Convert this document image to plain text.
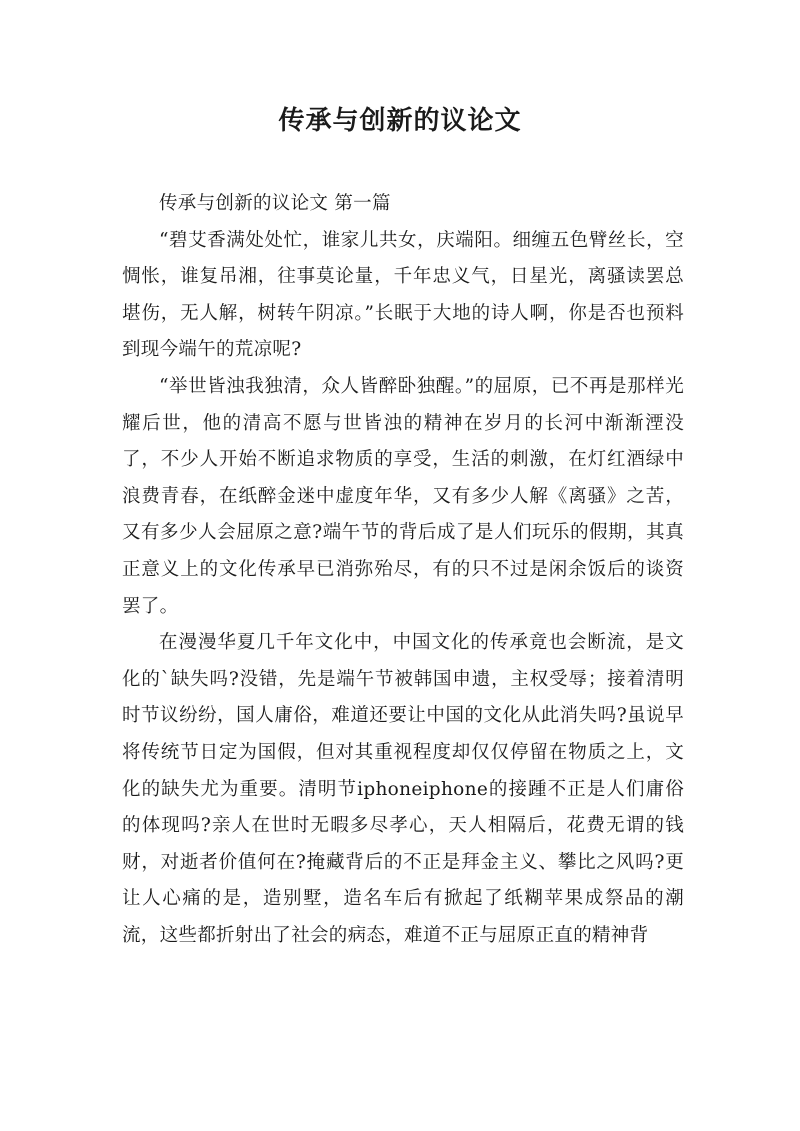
传承与创新的议论文

传承与创新的议论文 第一篇

“碧艾香满处处忙，谁家儿共女，庆端阳。细缠五色臂丝长，空惆怅，谁复吊湘，往事莫论量，千年忠义气，日星光，离骚读罢总堪伤，无人解，树转午阴凉。”长眠于大地的诗人啊，你是否也预料到现今端午的荒凉呢?

“举世皆浊我独清，众人皆醉卧独醒。”的屈原，已不再是那样光耀后世，他的清高不愿与世皆浊的精神在岁月的长河中渐渐湮没了，不少人开始不断追求物质的享受，生活的刺激，在灯红酒绿中浪费青春，在纸醉金迷中虚度年华，又有多少人解《离骚》之苦，又有多少人会屈原之意?端午节的背后成了是人们玩乐的假期，其真正意义上的文化传承早已消弥殆尽，有的只不过是闲余饭后的谈资罢了。

在漫漫华夏几千年文化中，中国文化的传承竟也会断流，是文化的`缺失吗?没错，先是端午节被韩国申遗，主权受辱；接着清明时节议纷纷，国人庸俗，难道还要让中国的文化从此消失吗?虽说早将传统节日定为国假，但对其重视程度却仅仅停留在物质之上，文化的缺失尤为重要。清明节iphoneiphone的接踵不正是人们庸俗的体现吗?亲人在世时无暇多尽孝心，天人相隔后，花费无谓的钱财，对逝者价值何在?掩藏背后的不正是拜金主义、攀比之风吗?更让人心痛的是，造别墅，造名车后有掀起了纸糊苹果成祭品的潮流，这些都折射出了社会的病态，难道不正与屈原正直的精神背
